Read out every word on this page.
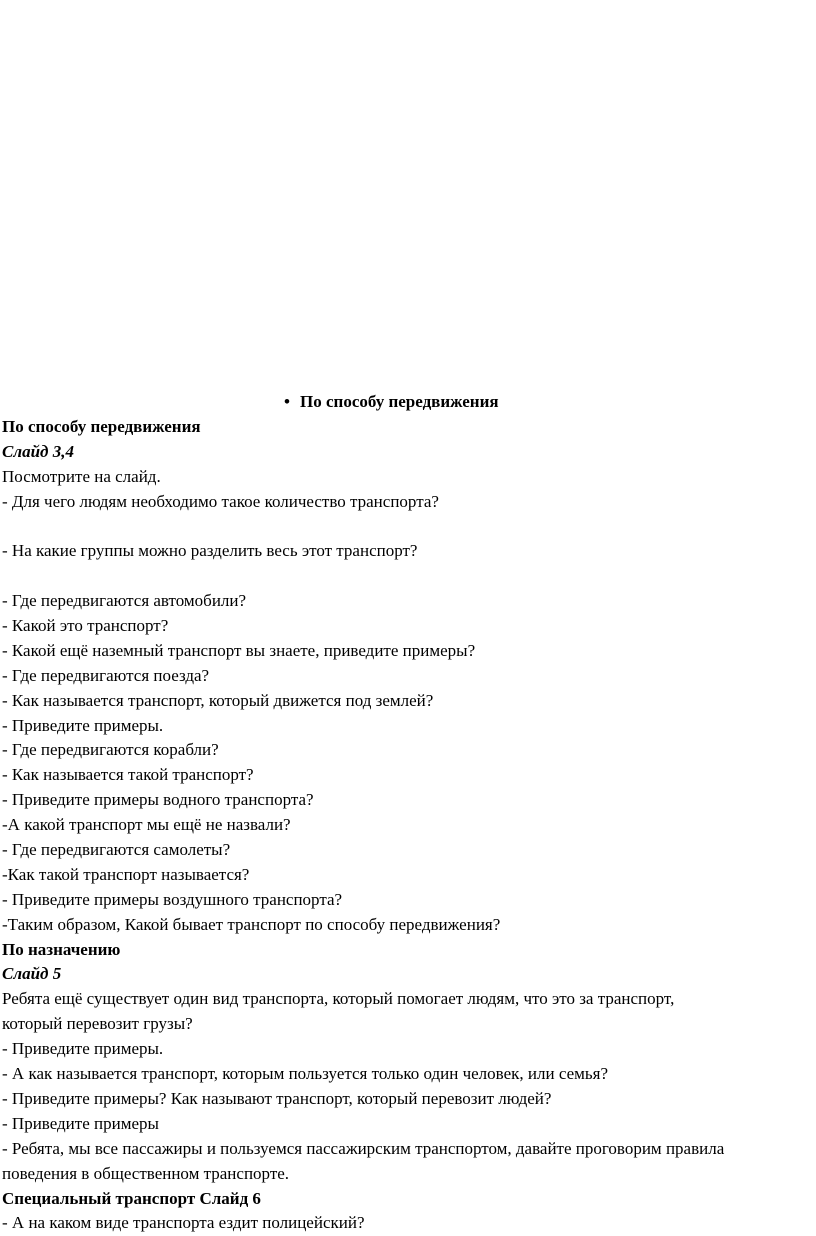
• По способу передвижения
По способу передвижения
Слайд 3,4
Посмотрите на слайд.
- Для чего людям необходимо такое количество транспорта?
- На какие группы можно разделить весь этот транспорт?
- Где передвигаются автомобили?
- Какой это транспорт?
- Какой ещё наземный транспорт вы знаете, приведите примеры?
- Где передвигаются поезда?
- Как называется транспорт, который движется под землей?
- Приведите примеры.
- Где передвигаются корабли?
- Как называется такой транспорт?
- Приведите примеры водного транспорта?
-А какой транспорт мы ещё не назвали?
- Где передвигаются самолеты?
-Как такой транспорт называется?
- Приведите примеры воздушного транспорта?
-Таким образом, Какой бывает транспорт по способу передвижения?
По назначению
Слайд 5
Ребята ещё существует один вид транспорта, который помогает людям, что это за транспорт,
который перевозит грузы?
- Приведите примеры.
- А как называется транспорт, которым пользуется только один человек, или семья?
- Приведите примеры? Как называют транспорт, который перевозит людей?
- Приведите примеры
- Ребята, мы все пассажиры и пользуемся пассажирским транспортом, давайте проговорим правила
поведения в общественном транспорте.
Специальный транспорт Слайд 6
- А на каком виде транспорта ездит полицейский?
